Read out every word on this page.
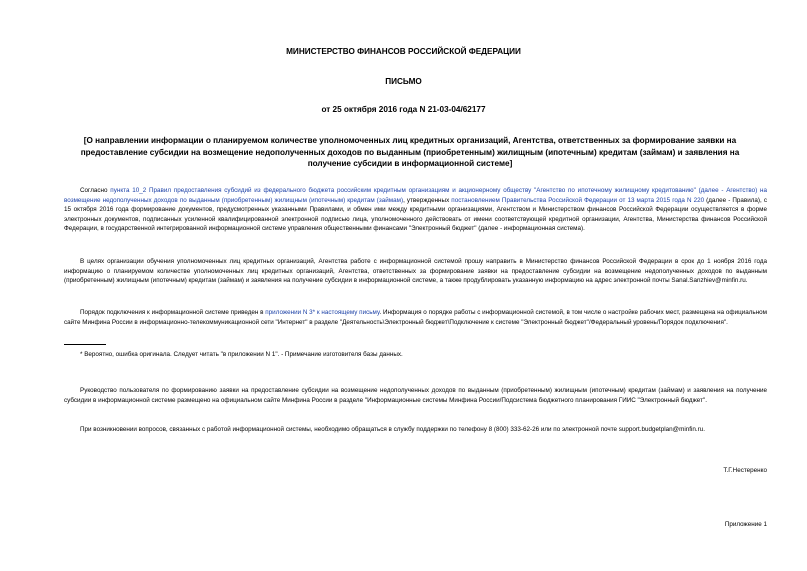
МИНИСТЕРСТВО ФИНАНСОВ РОССИЙСКОЙ ФЕДЕРАЦИИ
ПИСЬМО
от 25 октября 2016 года N 21-03-04/62177
[О направлении информации о планируемом количестве уполномоченных лиц кредитных организаций, Агентства, ответственных за формирование заявки на предоставление субсидии на возмещение недополученных доходов по выданным (приобретенным) жилищным (ипотечным) кредитам (займам) и заявления на получение субсидии в информационной системе]
Согласно пункта 10_2 Правил предоставления субсидий из федерального бюджета российским кредитным организациям и акционерному обществу "Агентство по ипотечному жилищному кредитованию" (далее - Агентство) на возмещение недополученных доходов по выданным (приобретенным) жилищным (ипотечным) кредитам (займам), утвержденных постановлением Правительства Российской Федерации от 13 марта 2015 года N 220 (далее - Правила), с 15 октября 2016 года формирование документов, предусмотренных указанными Правилами, и обмен ими между кредитными организациями, Агентством и Министерством финансов Российской Федерации осуществляется в форме электронных документов, подписанных усиленной квалифицированной электронной подписью лица, уполномоченного действовать от имени соответствующей кредитной организации, Агентства, Министерства финансов Российской Федерации, в государственной интегрированной информационной системе управления общественными финансами "Электронный бюджет" (далее - информационная система).
В целях организации обучения уполномоченных лиц кредитных организаций, Агентства работе с информационной системой прошу направить в Министерство финансов Российской Федерации в срок до 1 ноября 2016 года информацию о планируемом количестве уполномоченных лиц кредитных организаций, Агентства, ответственных за формирование заявки на предоставление субсидии на возмещение недополученных доходов по выданным (приобретенным) жилищным (ипотечным) кредитам (займам) и заявления на получение субсидии в информационной системе, а также продублировать указанную информацию на адрес электронной почты Sanal.Sanzhiev@minfin.ru.
Порядок подключения к информационной системе приведен в приложении N 3* к настоящему письму. Информация о порядке работы с информационной системой, в том числе о настройке рабочих мест, размещена на официальном сайте Минфина России в информационно-телекоммуникационной сети "Интернет" в разделе "Деятельность\Электронный бюджет\Подключение к системе "Электронный бюджет"/Федеральный уровень/Порядок подключения".
* Вероятно, ошибка оригинала. Следует читать "в приложении N 1". - Примечание изготовителя базы данных.
Руководство пользователя по формированию заявки на предоставление субсидии на возмещение недополученных доходов по выданным (приобретенным) жилищным (ипотечным) кредитам (займам) и заявления на получение субсидии в информационной системе размещено на официальном сайте Минфина России в разделе "Информационные системы Минфина России/Подсистема бюджетного планирования ГИИС "Электронный бюджет".
При возникновении вопросов, связанных с работой информационной системы, необходимо обращаться в службу поддержки по телефону 8 (800) 333-62-26 или по электронной почте support.budgetplan@minfin.ru.
Т.Г.Нестеренко
Приложение 1
